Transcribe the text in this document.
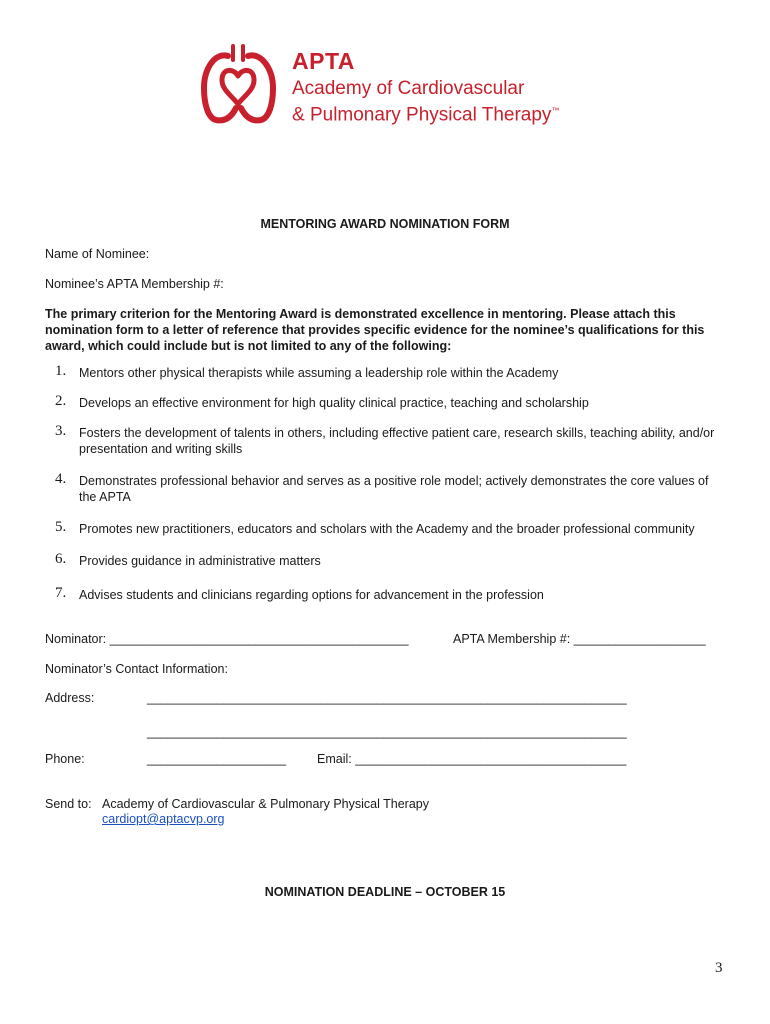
APTA
Academy of Cardiovascular
& Pulmonary Physical Therapy™
MENTORING AWARD NOMINATION FORM
Name of Nominee:
Nominee’s APTA Membership #:
The primary criterion for the Mentoring Award is demonstrated excellence in mentoring. Please attach this
nomination form to a letter of reference that provides specific evidence for the nominee’s qualifications for this
award, which could include but is not limited to any of the following:
1.	Mentors other physical therapists while assuming a leadership role within the Academy
2.	Develops an effective environment for high quality clinical practice, teaching and scholarship
3.	Fosters the development of talents in others, including effective patient care, research skills, teaching ability, and/or
presentation and writing skills
4.	Demonstrates professional behavior and serves as a positive role model; actively demonstrates the core values of
the APTA
5.	Promotes new practitioners, educators and scholars with the Academy and the broader professional community
6.	Provides guidance in administrative matters
7.	Advises students and clinicians regarding options for advancement in the profession
Nominator: ___________________________________________	APTA Membership #: ___________________
Nominator’s Contact Information:
Address:	_____________________________________________________________________
_____________________________________________________________________
Phone:	____________________ Email: _______________________________________
Send to: Academy of Cardiovascular & Pulmonary Physical Therapy
cardiopt@aptacvp.org
NOMINATION DEADLINE – OCTOBER 15
3
